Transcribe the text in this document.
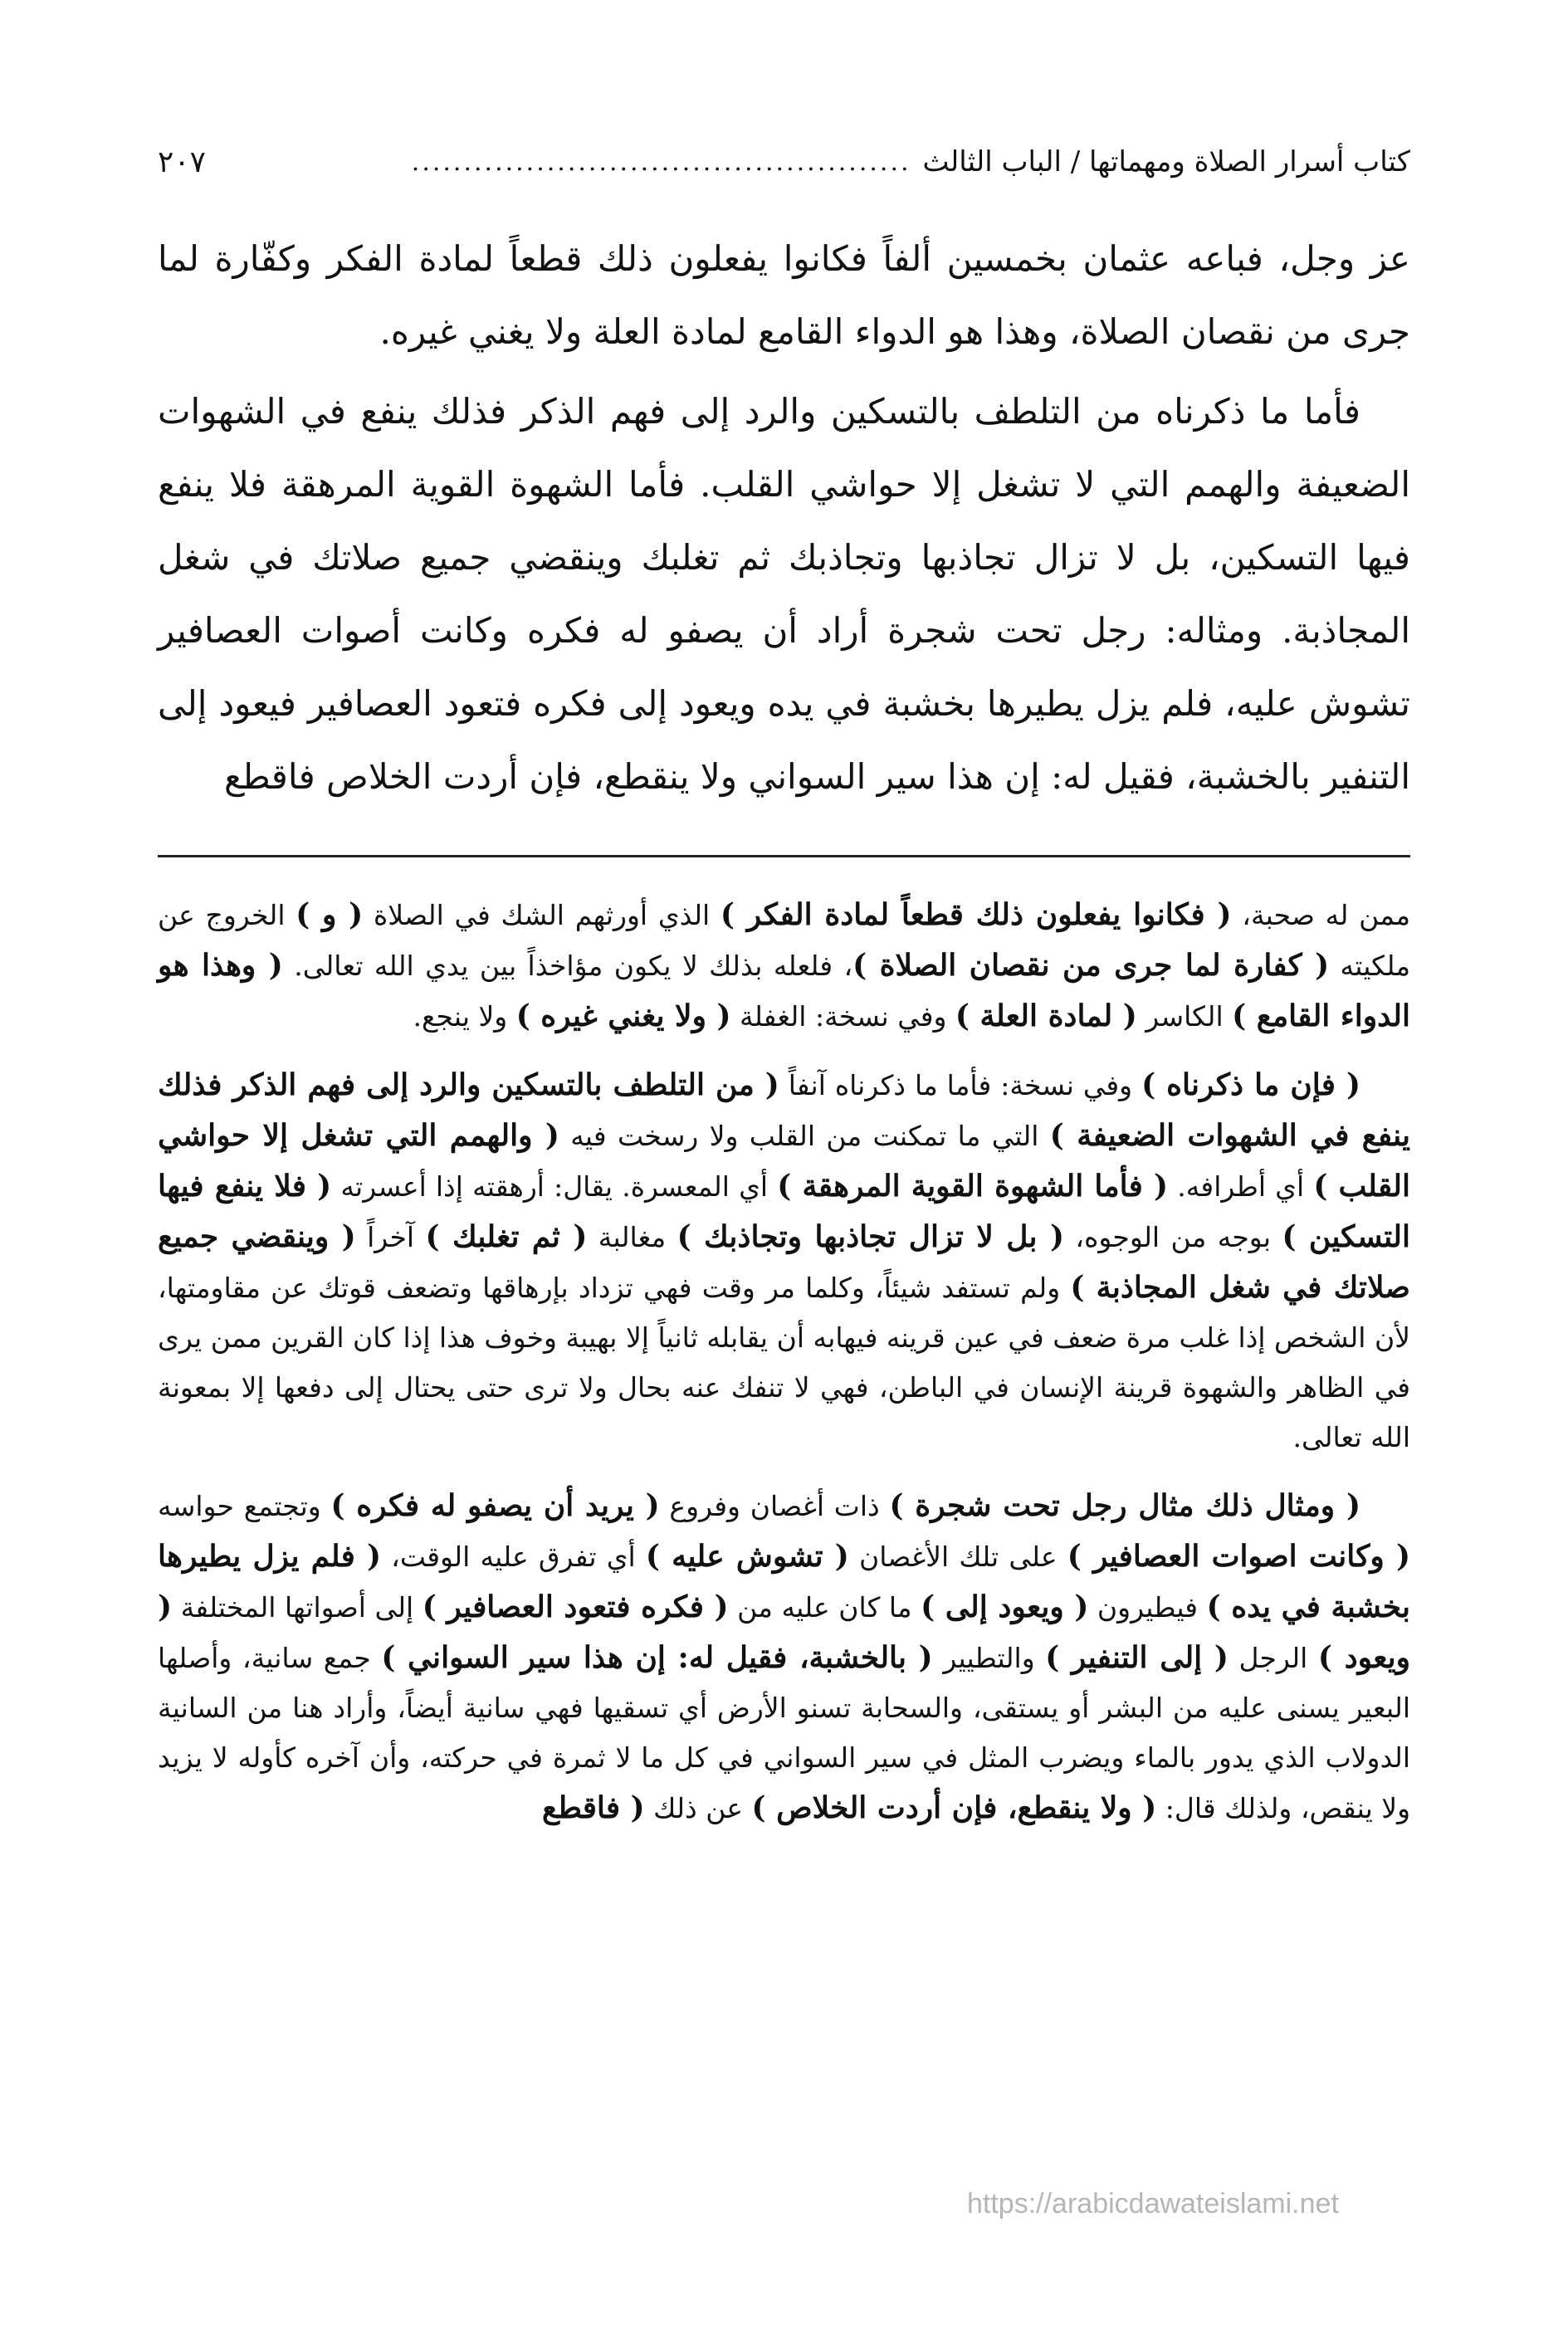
كتاب أسرار الصلاة ومهماتها / الباب الثالث
................................................
٢٠٧

عز وجل، فباعه عثمان بخمسين ألفاً فكانوا يفعلون ذلك قطعاً لمادة الفكر وكفّارة لما جرى من نقصان الصلاة، وهذا هو الدواء القامع لمادة العلة ولا يغني غيره.

فأما ما ذكرناه من التلطف بالتسكين والرد إلى فهم الذكر فذلك ينفع في الشهوات الضعيفة والهمم التي لا تشغل إلا حواشي القلب. فأما الشهوة القوية المرهقة فلا ينفع فيها التسكين، بل لا تزال تجاذبها وتجاذبك ثم تغلبك وينقضي جميع صلاتك في شغل المجاذبة. ومثاله: رجل تحت شجرة أراد أن يصفو له فكره وكانت أصوات العصافير تشوش عليه، فلم يزل يطيرها بخشبة في يده ويعود إلى فكره فتعود العصافير فيعود إلى التنفير بالخشبة، فقيل له: إن هذا سير السواني ولا ينقطع، فإن أردت الخلاص فاقطع

ممن له صحبة، ( فكانوا يفعلون ذلك قطعاً لمادة الفكر ) الذي أورثهم الشك في الصلاة ( و ) الخروج عن ملكيته ( كفارة لما جرى من نقصان الصلاة )، فلعله بذلك لا يكون مؤاخذاً بين يدي الله تعالى. ( وهذا هو الدواء القامع ) الكاسر ( لمادة العلة ) وفي نسخة: الغفلة ( ولا يغني غيره ) ولا ينجع.

( فإن ما ذكرناه ) وفي نسخة: فأما ما ذكرناه آنفاً ( من التلطف بالتسكين والرد إلى فهم الذكر فذلك ينفع في الشهوات الضعيفة ) التي ما تمكنت من القلب ولا رسخت فيه ( والهمم التي تشغل إلا حواشي القلب ) أي أطرافه. ( فأما الشهوة القوية المرهقة ) أي المعسرة. يقال: أرهقته إذا أعسرته ( فلا ينفع فيها التسكين ) بوجه من الوجوه، ( بل لا تزال تجاذبها وتجاذبك ) مغالبة ( ثم تغلبك ) آخراً ( وينقضي جميع صلاتك في شغل المجاذبة ) ولم تستفد شيئاً، وكلما مر وقت فهي تزداد بإرهاقها وتضعف قوتك عن مقاومتها، لأن الشخص إذا غلب مرة ضعف في عين قرينه فيهابه أن يقابله ثانياً إلا بهيبة وخوف هذا إذا كان القرين ممن يرى في الظاهر والشهوة قرينة الإنسان في الباطن، فهي لا تنفك عنه بحال ولا ترى حتى يحتال إلى دفعها إلا بمعونة الله تعالى.

( ومثال ذلك مثال رجل تحت شجرة ) ذات أغصان وفروع ( يريد أن يصفو له فكره ) وتجتمع حواسه ( وكانت اصوات العصافير ) على تلك الأغصان ( تشوش عليه ) أي تفرق عليه الوقت، ( فلم يزل يطيرها بخشبة في يده ) فيطيرون ( ويعود إلى ) ما كان عليه من ( فكره فتعود العصافير ) إلى أصواتها المختلفة ( ويعود ) الرجل ( إلى التنفير ) والتطيير ( بالخشبة، فقيل له: إن هذا سير السواني ) جمع سانية، وأصلها البعير يسنى عليه من البشر أو يستقى، والسحابة تسنو الأرض أي تسقيها فهي سانية أيضاً، وأراد هنا من السانية الدولاب الذي يدور بالماء ويضرب المثل في سير السواني في كل ما لا ثمرة في حركته، وأن آخره كأوله لا يزيد ولا ينقص، ولذلك قال: ( ولا ينقطع، فإن أردت الخلاص ) عن ذلك ( فاقطع

https://arabicdawateislami.net
